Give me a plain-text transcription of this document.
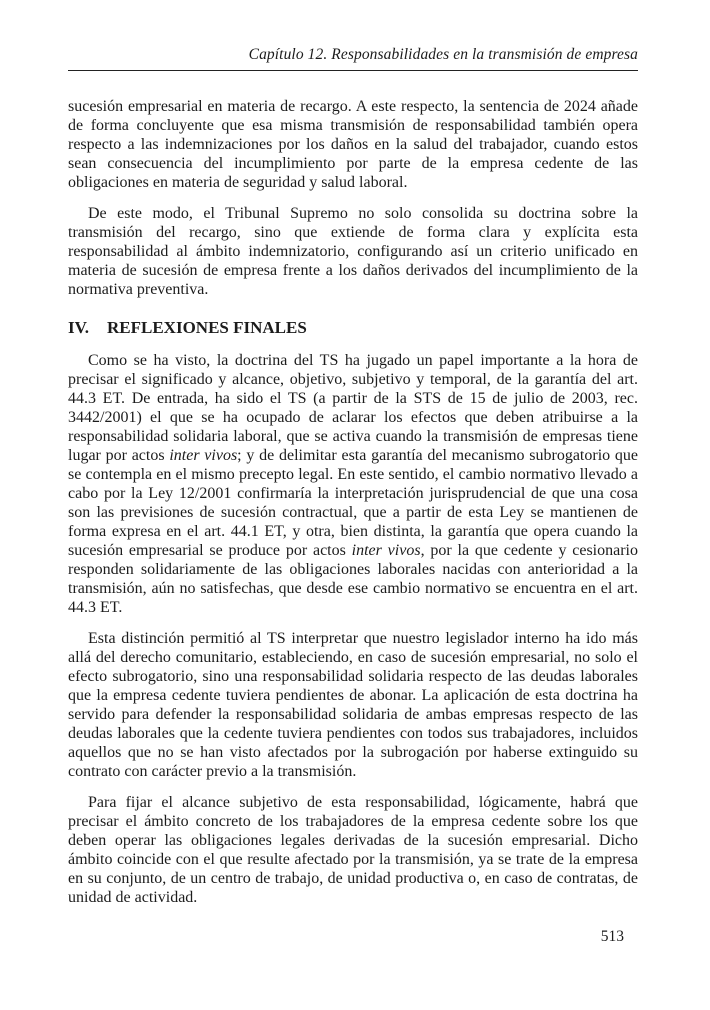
Capítulo 12. Responsabilidades en la transmisión de empresa

sucesión empresarial en materia de recargo. A este respecto, la sentencia de 2024 añade de forma concluyente que esa misma transmisión de responsabilidad también opera respecto a las indemnizaciones por los daños en la salud del trabajador, cuando estos sean consecuencia del incumplimiento por parte de la empresa cedente de las obligaciones en materia de seguridad y salud laboral.

De este modo, el Tribunal Supremo no solo consolida su doctrina sobre la transmisión del recargo, sino que extiende de forma clara y explícita esta responsabilidad al ámbito indemnizatorio, configurando así un criterio unificado en materia de sucesión de empresa frente a los daños derivados del incumplimiento de la normativa preventiva.

IV. REFLEXIONES FINALES

Como se ha visto, la doctrina del TS ha jugado un papel importante a la hora de precisar el significado y alcance, objetivo, subjetivo y temporal, de la garantía del art. 44.3 ET. De entrada, ha sido el TS (a partir de la STS de 15 de julio de 2003, rec. 3442/2001) el que se ha ocupado de aclarar los efectos que deben atribuirse a la responsabilidad solidaria laboral, que se activa cuando la transmisión de empresas tiene lugar por actos inter vivos; y de delimitar esta garantía del mecanismo subrogatorio que se contempla en el mismo precepto legal. En este sentido, el cambio normativo llevado a cabo por la Ley 12/2001 confirmaría la interpretación jurisprudencial de que una cosa son las previsiones de sucesión contractual, que a partir de esta Ley se mantienen de forma expresa en el art. 44.1 ET, y otra, bien distinta, la garantía que opera cuando la sucesión empresarial se produce por actos inter vivos, por la que cedente y cesionario responden solidariamente de las obligaciones laborales nacidas con anterioridad a la transmisión, aún no satisfechas, que desde ese cambio normativo se encuentra en el art. 44.3 ET.

Esta distinción permitió al TS interpretar que nuestro legislador interno ha ido más allá del derecho comunitario, estableciendo, en caso de sucesión empresarial, no solo el efecto subrogatorio, sino una responsabilidad solidaria respecto de las deudas laborales que la empresa cedente tuviera pendientes de abonar. La aplicación de esta doctrina ha servido para defender la responsabilidad solidaria de ambas empresas respecto de las deudas laborales que la cedente tuviera pendientes con todos sus trabajadores, incluidos aquellos que no se han visto afectados por la subrogación por haberse extinguido su contrato con carácter previo a la transmisión.

Para fijar el alcance subjetivo de esta responsabilidad, lógicamente, habrá que precisar el ámbito concreto de los trabajadores de la empresa cedente sobre los que deben operar las obligaciones legales derivadas de la sucesión empresarial. Dicho ámbito coincide con el que resulte afectado por la transmisión, ya se trate de la empresa en su conjunto, de un centro de trabajo, de unidad productiva o, en caso de contratas, de unidad de actividad.

513
